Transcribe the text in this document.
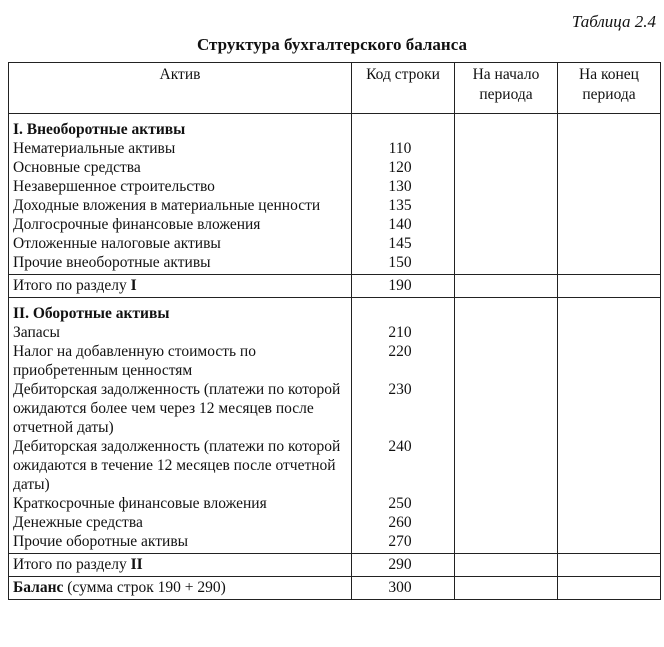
Таблица 2.4
Структура бухгалтерского баланса
Актив	Код строки	На начало периода	На конец периода
I. Внеоборотные активы			
Нематериальные активы	110		
Основные средства	120		
Незавершенное строительство	130		
Доходные вложения в материальные ценности	135		
Долгосрочные финансовые вложения	140		
Отложенные налоговые активы	145		
Прочие внеоборотные активы	150		
Итого по разделу I	190		
II. Оборотные активы			
Запасы	210		
Налог на добавленную стоимость по приобретенным ценностям	220		
Дебиторская задолженность (платежи по которой ожидаются более чем через 12 месяцев после отчетной даты)	230		
Дебиторская задолженность (платежи по которой ожидаются в течение 12 месяцев после отчетной даты)	240		
Краткосрочные финансовые вложения	250		
Денежные средства	260		
Прочие оборотные активы	270		
Итого по разделу II	290		
Баланс (сумма строк 190 + 290)	300		
